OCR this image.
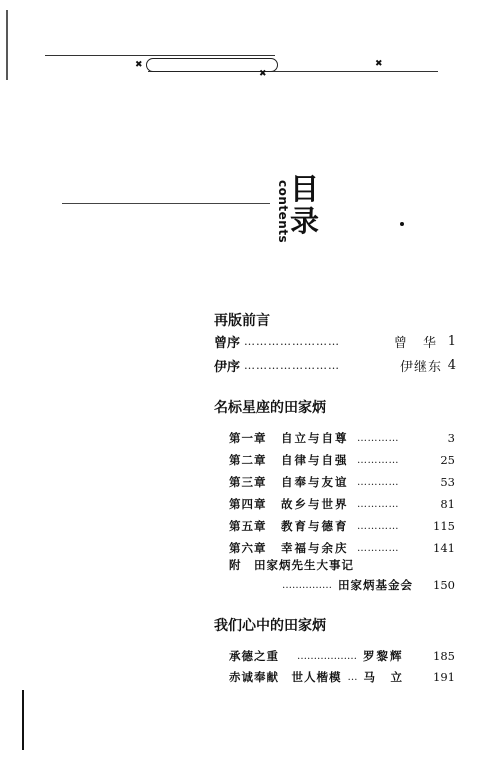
✖
✖
✖
contents 目
录
再版前言
曾序 ……………………	曾 华 1
伊序 ……………………	伊继东 4
名标星座的田家炳
第一章	自立与自尊 …………	3
第二章	自律与自强 …………	25
第三章	自奉与友谊 …………	53
第四章	故乡与世界 …………	81
第五章	教育与德育 …………	115
第六章	幸福与余庆 …………	141
附　田家炳先生大事记
…………… 田家炳基金会	150
我们心中的田家炳
承德之重 ……………… 罗黎辉	185
赤诚奉献　世人楷模 … 马　立	191
